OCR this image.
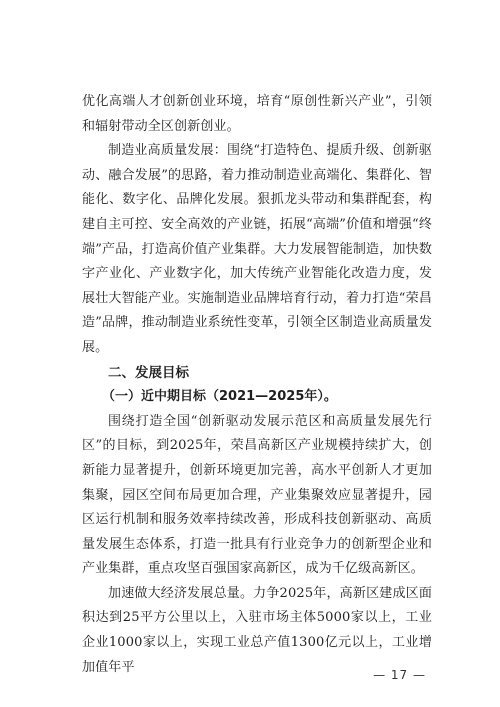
优化高端人才创新创业环境，培育“原创性新兴产业”，引领和辐射带动全区创新创业。

制造业高质量发展：围绕“打造特色、提质升级、创新驱动、融合发展”的思路，着力推动制造业高端化、集群化、智能化、数字化、品牌化发展。狠抓龙头带动和集群配套，构建自主可控、安全高效的产业链，拓展“高端”价值和增强“终端”产品，打造高价值产业集群。大力发展智能制造，加快数字产业化、产业数字化，加大传统产业智能化改造力度，发展壮大智能产业。实施制造业品牌培育行动，着力打造“荣昌造”品牌，推动制造业系统性变革，引领全区制造业高质量发展。

二、发展目标

（一）近中期目标（2021—2025年）。

围绕打造全国“创新驱动发展示范区和高质量发展先行区”的目标，到2025年，荣昌高新区产业规模持续扩大，创新能力显著提升，创新环境更加完善，高水平创新人才更加集聚，园区空间布局更加合理，产业集聚效应显著提升，园区运行机制和服务效率持续改善，形成科技创新驱动、高质量发展生态体系，打造一批具有行业竞争力的创新型企业和产业集群，重点攻坚百强国家高新区，成为千亿级高新区。

加速做大经济发展总量。力争2025年，高新区建成区面积达到25平方公里以上，入驻市场主体5000家以上，工业企业1000家以上，实现工业总产值1300亿元以上，工业增加值年平

— 17 —
